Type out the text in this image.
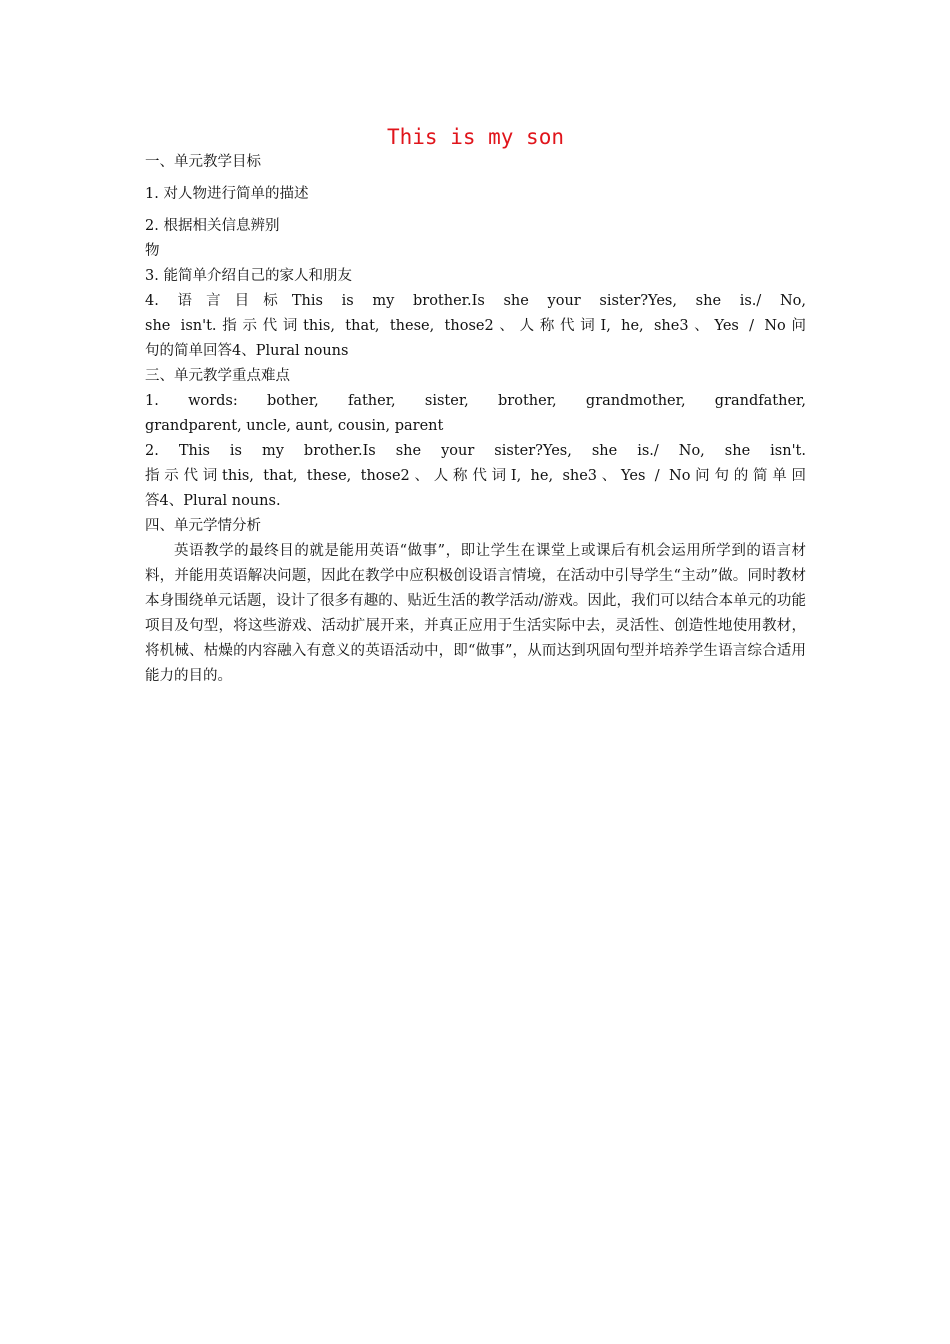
This is my son

一、单元教学目标

1. 对人物进行简单的描述

2. 根据相关信息辨别

物

3. 能简单介绍自己的家人和朋友

4. 语言目标This is my brother.Is she your sister?Yes, she is./ No,

she isn't.指示代词this, that, these, those2、人称代词I, he, she3、Yes / No问

句的简单回答4、Plural nouns

三、单元教学重点难点

1. words: bother, father, sister, brother, grandmother, grandfather,

grandparent, uncle, aunt, cousin, parent

2. This is my brother.Is she your sister?Yes, she is./ No, she isn't.

指示代词this, that, these, those2、人称代词I, he, she3、Yes / No问句的简单回

答4、Plural nouns.

四、单元学情分析

英语教学的最终目的就是能用英语“做事”，即让学生在课堂上或课后有机会运用所学到的语言材料，并能用英语解决问题，因此在教学中应积极创设语言情境，在活动中引导学生“主动”做。同时教材本身围绕单元话题，设计了很多有趣的、贴近生活的教学活动/游戏。因此，我们可以结合本单元的功能项目及句型，将这些游戏、活动扩展开来，并真正应用于生活实际中去，灵活性、创造性地使用教材，将机械、枯燥的内容融入有意义的英语活动中，即“做事”，从而达到巩固句型并培养学生语言综合适用能力的目的。
